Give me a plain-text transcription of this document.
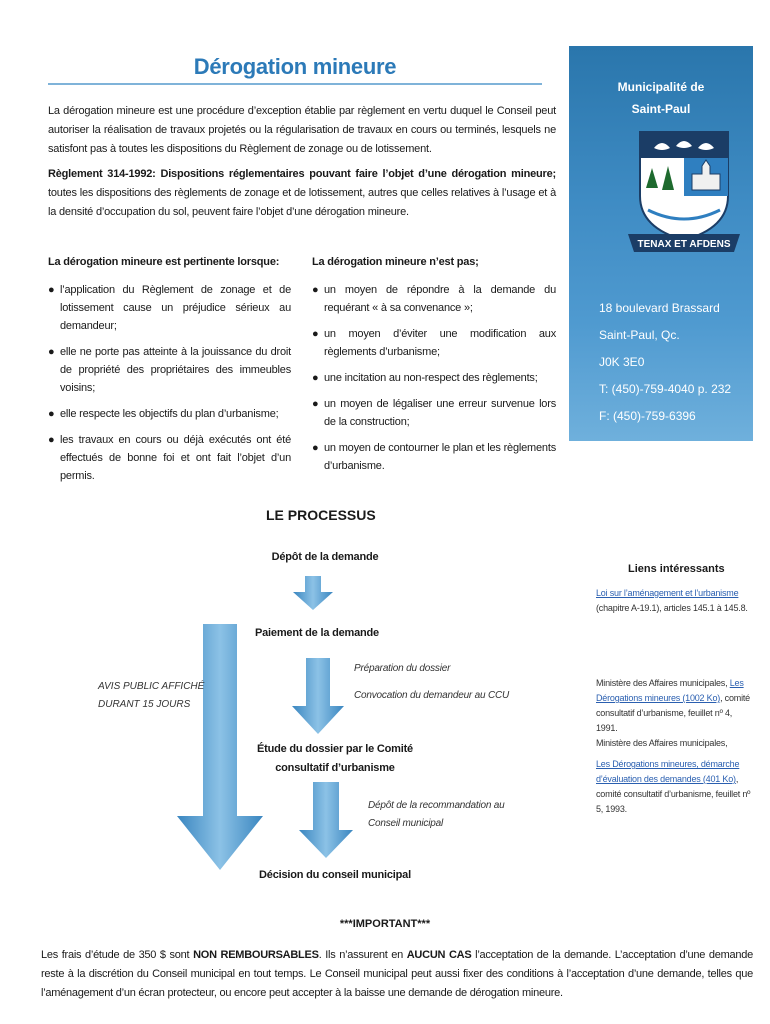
Dérogation mineure

La dérogation mineure est une procédure d’exception établie par règlement en vertu duquel le Conseil peut autoriser la réalisation de travaux projetés ou la régularisation de travaux en cours ou terminés, lesquels ne satisfont pas à toutes les dispositions du Règlement de zonage ou de lotissement.

Règlement 314-1992: Dispositions réglementaires pouvant faire l’objet d’une dérogation mineure; toutes les dispositions des règlements de zonage et de lotissement, autres que celles relatives à l’usage et à la densité d’occupation du sol, peuvent faire l’objet d’une dérogation mineure.

La dérogation mineure est pertinente lorsque:	La dérogation mineure n’est pas;
● l’application du Règlement de zonage et de lotissement cause un préjudice sérieux au demandeur;
● elle ne porte pas atteinte à la jouissance du droit de propriété des propriétaires des immeubles voisins;
● elle respecte les objectifs du plan d’urbanisme;
● les travaux en cours ou déjà exécutés ont été effectués de bonne foi et ont fait l’objet d’un permis.
● un moyen de répondre à la demande du requérant « à sa convenance »;
● un moyen d’éviter une modification aux règlements d’urbanisme;
● une incitation au non-respect des règlements;
● un moyen de légaliser une erreur survenue lors de la construction;
● un moyen de contourner le plan et les règlements d’urbanisme.
Municipalité de
Saint-Paul
TENAX ET AFDENS
18 boulevard Brassard
Saint-Paul, Qc.
J0K 3E0
T: (450)-759-4040 p. 232
F: (450)-759-6396
LE PROCESSUS
Dépôt de la demande
Paiement de la demande
Préparation du dossier
Convocation du demandeur au CCU
AVIS PUBLIC AFFICHÉ
DURANT 15 JOURS
Étude du dossier par le Comité
consultatif d’urbanisme
Dépôt de la recommandation au
Conseil municipal
Décision du conseil municipal
Liens intéressants
Loi sur l’aménagement et l’urbanisme (chapitre A-19.1), articles 145.1 à 145.8.
Ministère des Affaires municipales, Les Dérogations mineures (1002 Ko), comité consultatif d’urbanisme, feuillet nº 4, 1991.
Ministère des Affaires municipales,
Les Dérogations mineures, démarche d’évaluation des demandes (401 Ko), comité consultatif d’urbanisme, feuillet nº 5, 1993.
***IMPORTANT***

Les frais d’étude de 350 $ sont NON REMBOURSABLES. Ils n’assurent en AUCUN CAS l’acceptation de la demande. L’acceptation d’une demande reste à la discrétion du Conseil municipal en tout temps. Le Conseil municipal peut aussi fixer des conditions à l’acceptation d’une demande, telles que l’aménagement d’un écran protecteur, ou encore peut accepter à la baisse une demande de dérogation mineure.
